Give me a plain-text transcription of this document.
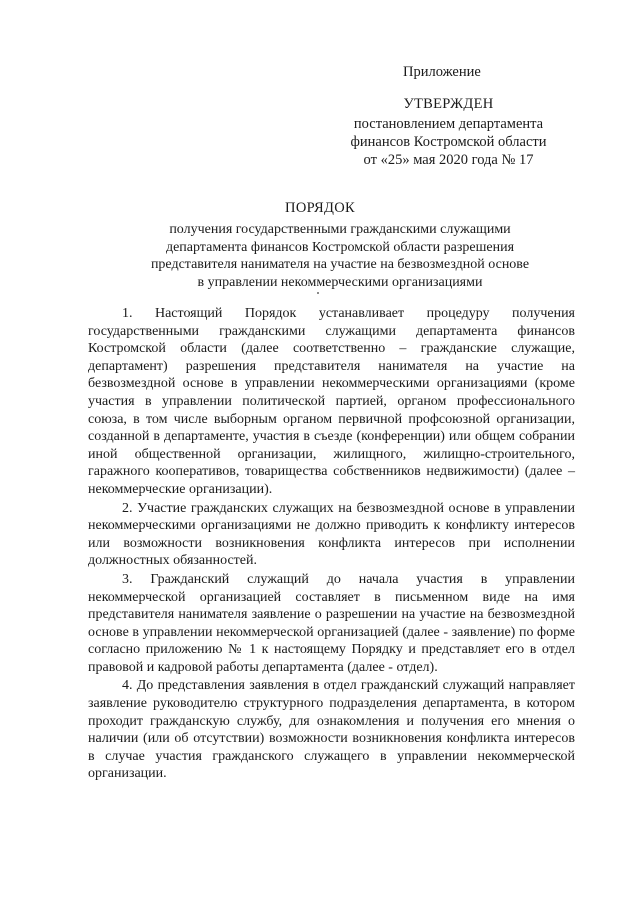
Приложение
УТВЕРЖДЕН
постановлением департамента
финансов Костромской области
от «25» мая 2020 года № 17
ПОРЯДОК
получения государственными гражданскими служащими
департамента финансов Костромской области разрешения
представителя нанимателя на участие на безвозмездной основе
в управлении некоммерческими организациями

1. Настоящий Порядок устанавливает процедуру получения государственными гражданскими служащими департамента финансов Костромской области (далее соответственно – гражданские служащие, департамент) разрешения представителя нанимателя на участие на безвозмездной основе в управлении некоммерческими организациями (кроме участия в управлении политической партией, органом профессионального союза, в том числе выборным органом первичной профсоюзной организации, созданной в департаменте, участия в съезде (конференции) или общем собрании иной общественной организации, жилищного, жилищно-строительного, гаражного кооперативов, товарищества собственников недвижимости) (далее – некоммерческие организации).

2. Участие гражданских служащих на безвозмездной основе в управлении некоммерческими организациями не должно приводить к конфликту интересов или возможности возникновения конфликта интересов при исполнении должностных обязанностей.

3. Гражданский служащий до начала участия в управлении некоммерческой организацией составляет в письменном виде на имя представителя нанимателя заявление о разрешении на участие на безвозмездной основе в управлении некоммерческой организацией (далее - заявление) по форме согласно приложению № 1 к настоящему Порядку и представляет его в отдел правовой и кадровой работы департамента (далее - отдел).

4. До представления заявления в отдел гражданский служащий направляет заявление руководителю структурного подразделения департамента, в котором проходит гражданскую службу, для ознакомления и получения его мнения о наличии (или об отсутствии) возможности возникновения конфликта интересов в случае участия гражданского служащего в управлении некоммерческой организации.
